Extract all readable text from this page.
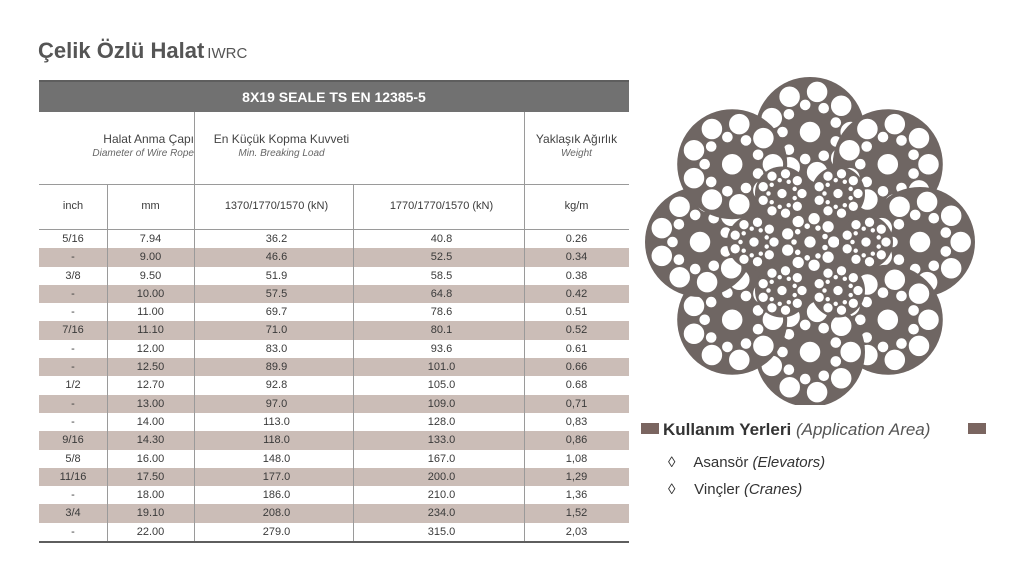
Çelik Özlü Halat IWRC
8X19 SEALE TS EN 12385-5
Halat Anma Çapı
Diameter of Wire Rope
En Küçük Kopma Kuvveti
Min. Breaking Load
Yaklaşık Ağırlık
Weight
inch	mm	1370/1770/1570 (kN)	1770/1770/1570 (kN)	kg/m
5/16	7.94	36.2	40.8	0.26
-	9.00	46.6	52.5	0.34
3/8	9.50	51.9	58.5	0.38
-	10.00	57.5	64.8	0.42
-	11.00	69.7	78.6	0.51
7/16	11.10	71.0	80.1	0.52
-	12.00	83.0	93.6	0.61
-	12.50	89.9	101.0	0.66
1/2	12.70	92.8	105.0	0.68
-	13.00	97.0	109.0	0,71
-	14.00	113.0	128.0	0,83
9/16	14.30	118.0	133.0	0,86
5/8	16.00	148.0	167.0	1,08
11/16	17.50	177.0	200.0	1,29
-	18.00	186.0	210.0	1,36
3/4	19.10	208.0	234.0	1,52
-	22.00	279.0	315.0	2,03
Kullanım Yerleri (Application Area)
◊ Asansör (Elevators)
◊ Vinçler (Cranes)
